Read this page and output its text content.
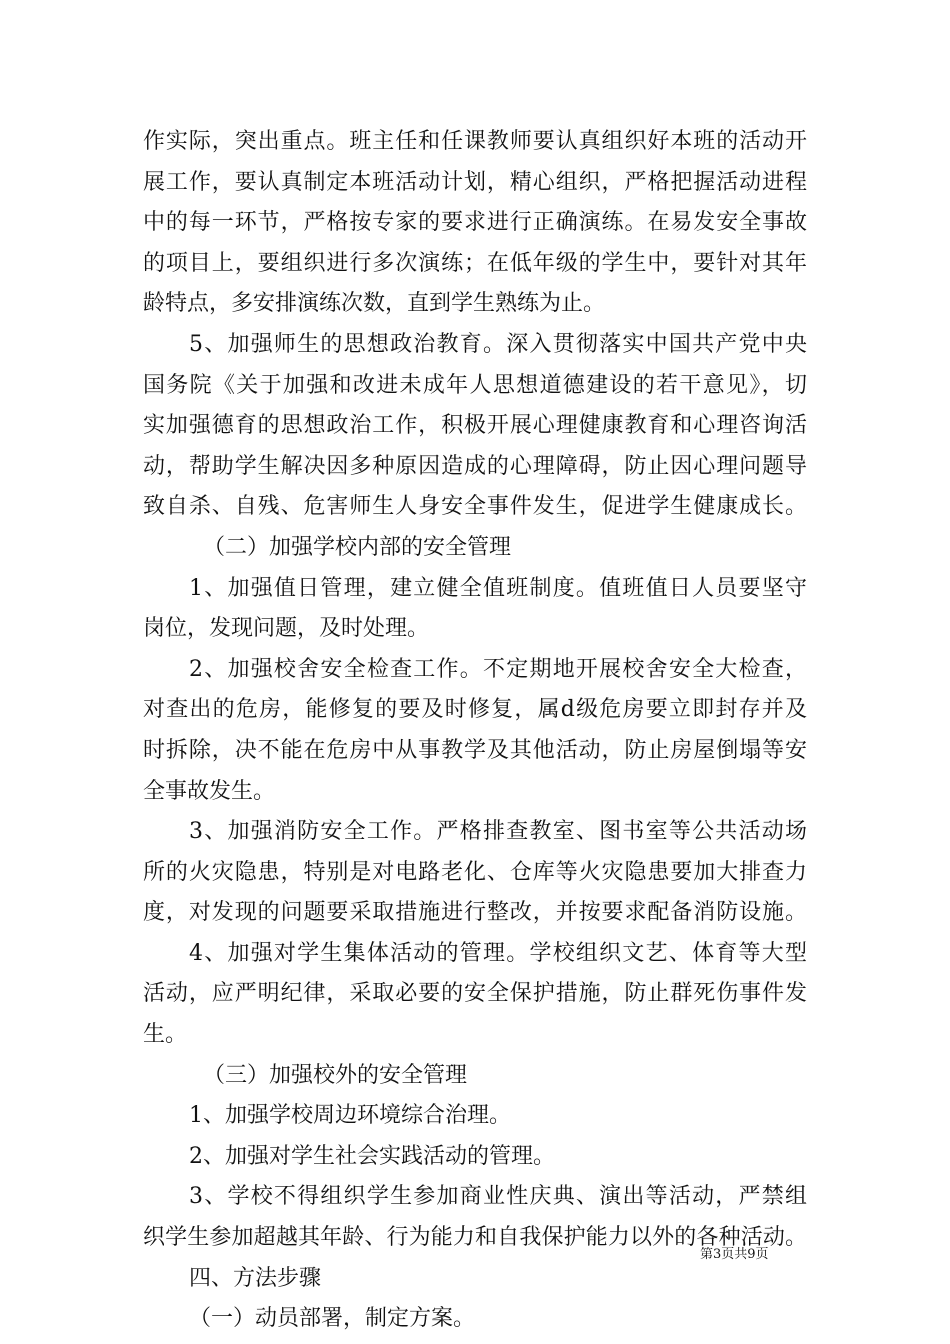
作实际，突出重点。班主任和任课教师要认真组织好本班的活动开
展工作，要认真制定本班活动计划，精心组织，严格把握活动进程
中的每一环节，严格按专家的要求进行正确演练。在易发安全事故
的项目上，要组织进行多次演练；在低年级的学生中，要针对其年
龄特点，多安排演练次数，直到学生熟练为止。
5、加强师生的思想政治教育。深入贯彻落实中国共产党中央
国务院《关于加强和改进未成年人思想道德建设的若干意见》，切
实加强德育的思想政治工作，积极开展心理健康教育和心理咨询活
动，帮助学生解决因多种原因造成的心理障碍，防止因心理问题导
致自杀、自残、危害师生人身安全事件发生，促进学生健康成长。
（二）加强学校内部的安全管理
1、加强值日管理，建立健全值班制度。值班值日人员要坚守
岗位，发现问题，及时处理。
2、加强校舍安全检查工作。不定期地开展校舍安全大检查，
对查出的危房，能修复的要及时修复，属d级危房要立即封存并及
时拆除，决不能在危房中从事教学及其他活动，防止房屋倒塌等安
全事故发生。
3、加强消防安全工作。严格排查教室、图书室等公共活动场
所的火灾隐患，特别是对电路老化、仓库等火灾隐患要加大排查力
度，对发现的问题要采取措施进行整改，并按要求配备消防设施。
4、加强对学生集体活动的管理。学校组织文艺、体育等大型
活动，应严明纪律，采取必要的安全保护措施，防止群死伤事件发
生。
（三）加强校外的安全管理
1、加强学校周边环境综合治理。
2、加强对学生社会实践活动的管理。
3、学校不得组织学生参加商业性庆典、演出等活动，严禁组
织学生参加超越其年龄、行为能力和自我保护能力以外的各种活动。
四、方法步骤
（一）动员部署，制定方案。
第3页共9页
